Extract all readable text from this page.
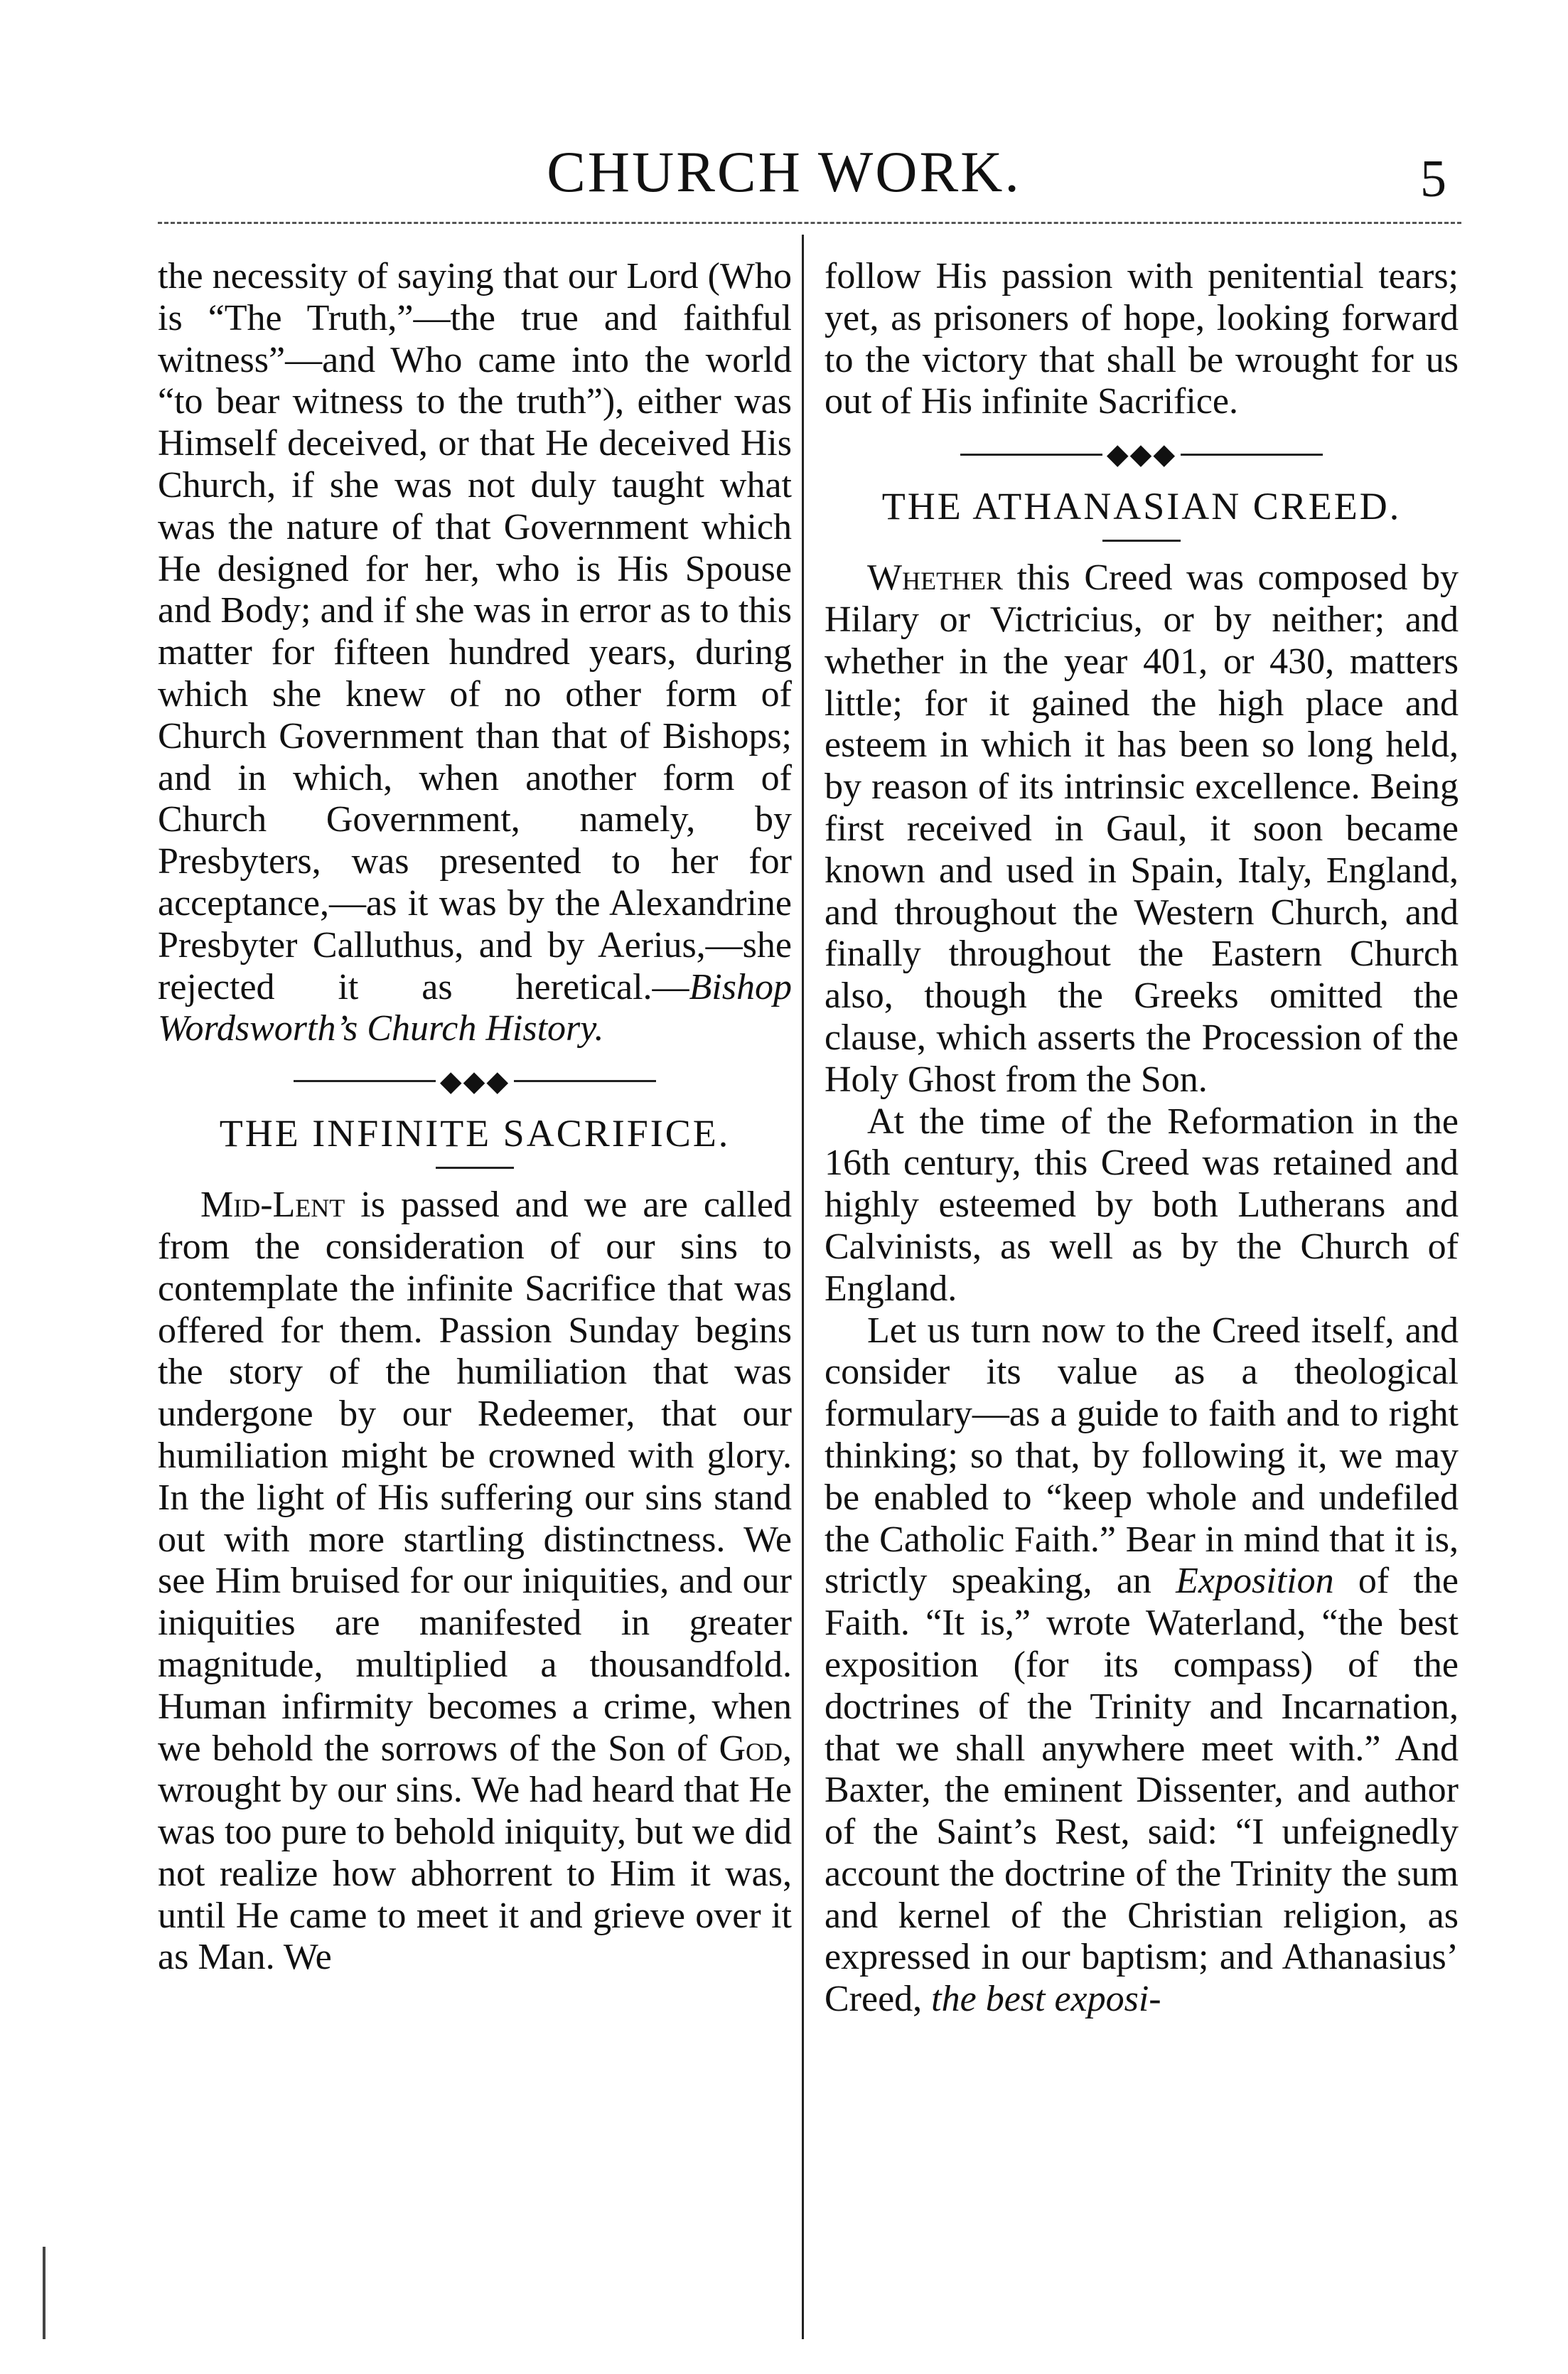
CHURCH WORK.	5

the necessity of saying that our Lord (Who is “The Truth,”—the true and faithful witness”—and Who came into the world “to bear witness to the truth”), either was Himself deceived, or that He deceived His Church, if she was not duly taught what was the nature of that Government which He designed for her, who is His Spouse and Body; and if she was in error as to this matter for fifteen hundred years, during which she knew of no other form of Church Government than that of Bishops; and in which, when another form of Church Government, namely, by Presbyters, was presented to her for acceptance,—as it was by the Alexandrine Presbyter Calluthus, and by Aerius,—she rejected it as heretical.—Bishop Wordsworth’s Church History.

◆◆◆
THE INFINITE SACRIFICE.

Mid-Lent is passed and we are called from the consideration of our sins to contemplate the infinite Sacrifice that was offered for them. Passion Sunday begins the story of the humiliation that was undergone by our Redeemer, that our humiliation might be crowned with glory. In the light of His suffering our sins stand out with more startling distinctness. We see Him bruised for our iniquities, and our iniquities are manifested in greater magnitude, multiplied a thousandfold. Human infirmity becomes a crime, when we behold the sorrows of the Son of God, wrought by our sins. We had heard that He was too pure to behold iniquity, but we did not realize how abhorrent to Him it was, until He came to meet it and grieve over it as Man. We

follow His passion with penitential tears; yet, as prisoners of hope, looking forward to the victory that shall be wrought for us out of His infinite Sacrifice.

◆◆◆
THE ATHANASIAN CREED.

Whether this Creed was composed by Hilary or Victricius, or by neither; and whether in the year 401, or 430, matters little; for it gained the high place and esteem in which it has been so long held, by reason of its intrinsic excellence. Being first received in Gaul, it soon became known and used in Spain, Italy, England, and throughout the Western Church, and finally throughout the Eastern Church also, though the Greeks omitted the clause, which asserts the Procession of the Holy Ghost from the Son.

At the time of the Reformation in the 16th century, this Creed was retained and highly esteemed by both Lutherans and Calvinists, as well as by the Church of England.

Let us turn now to the Creed itself, and consider its value as a theological formulary—as a guide to faith and to right thinking; so that, by following it, we may be enabled to “keep whole and undefiled the Catholic Faith.” Bear in mind that it is, strictly speaking, an Exposition of the Faith. “It is,” wrote Waterland, “the best exposition (for its compass) of the doctrines of the Trinity and Incarnation, that we shall anywhere meet with.” And Baxter, the eminent Dissenter, and author of the Saint’s Rest, said: “I unfeignedly account the doctrine of the Trinity the sum and kernel of the Christian religion, as expressed in our baptism; and Athanasius’ Creed, the best exposi-
